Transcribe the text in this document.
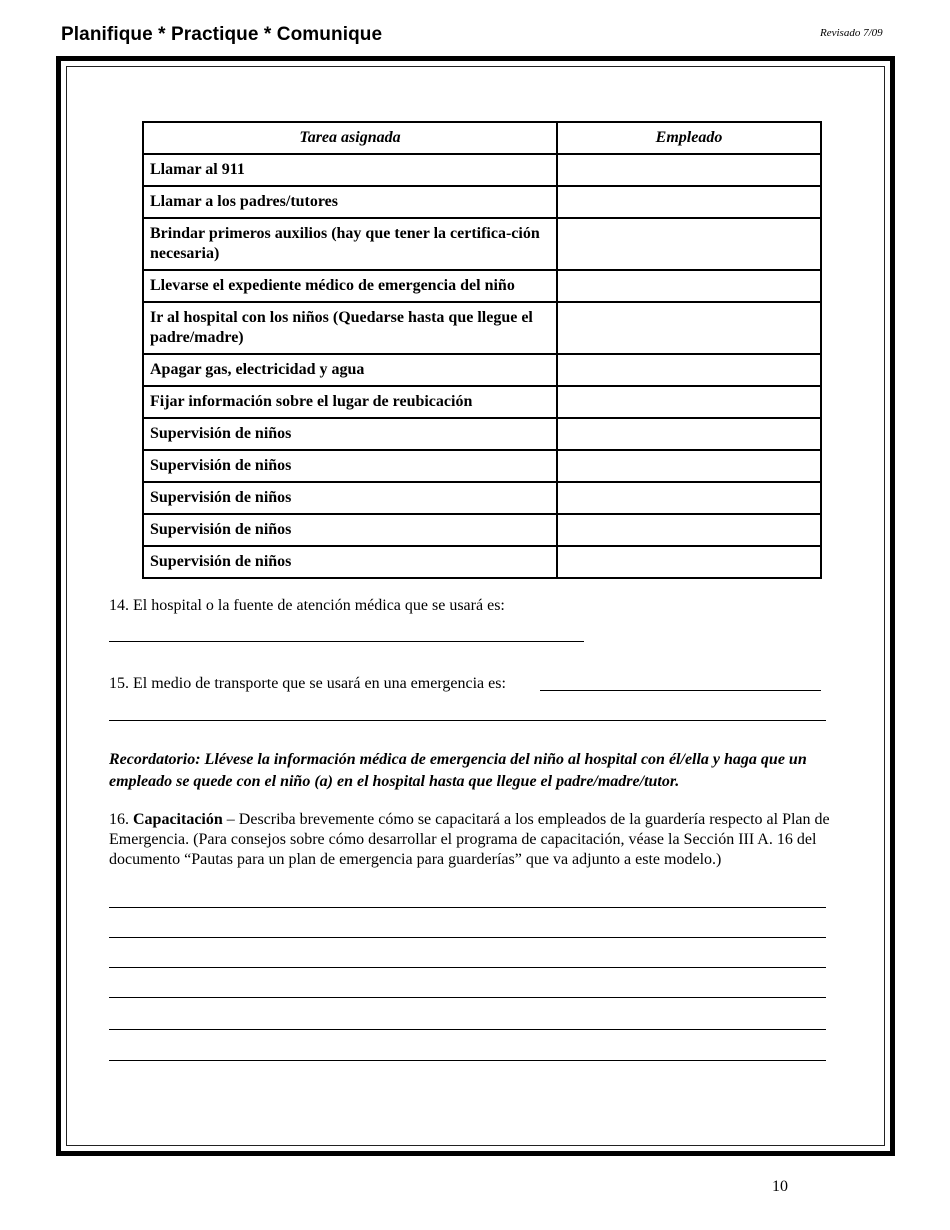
Planifique * Practique * Comunique	Revisado 7/09
Tarea asignada	Empleado
Llamar al 911	
Llamar a los padres/tutores	
Brindar primeros auxilios (hay que tener la certifica-ción necesaria)	
Llevarse el expediente médico de emergencia del niño	
Ir al hospital con los niños (Quedarse hasta que llegue el padre/madre)	
Apagar gas, electricidad y agua	
Fijar información sobre el lugar de reubicación	
Supervisión de niños	
Supervisión de niños	
Supervisión de niños	
Supervisión de niños	
Supervisión de niños	
14. El hospital o la fuente de atención médica que se usará es:
15. El medio de transporte que se usará en una emergencia es:
Recordatorio: Llévese la información médica de emergencia del niño al hospital con él/ella y haga que un empleado se quede con el niño (a) en el hospital hasta que llegue el padre/madre/tutor.
16. Capacitación – Describa brevemente cómo se capacitará a los empleados de la guardería respecto al Plan de Emergencia. (Para consejos sobre cómo desarrollar el programa de capacitación, véase la Sección III A. 16 del documento “Pautas para un plan de emergencia para guarderías” que va adjunto a este modelo.)
10
